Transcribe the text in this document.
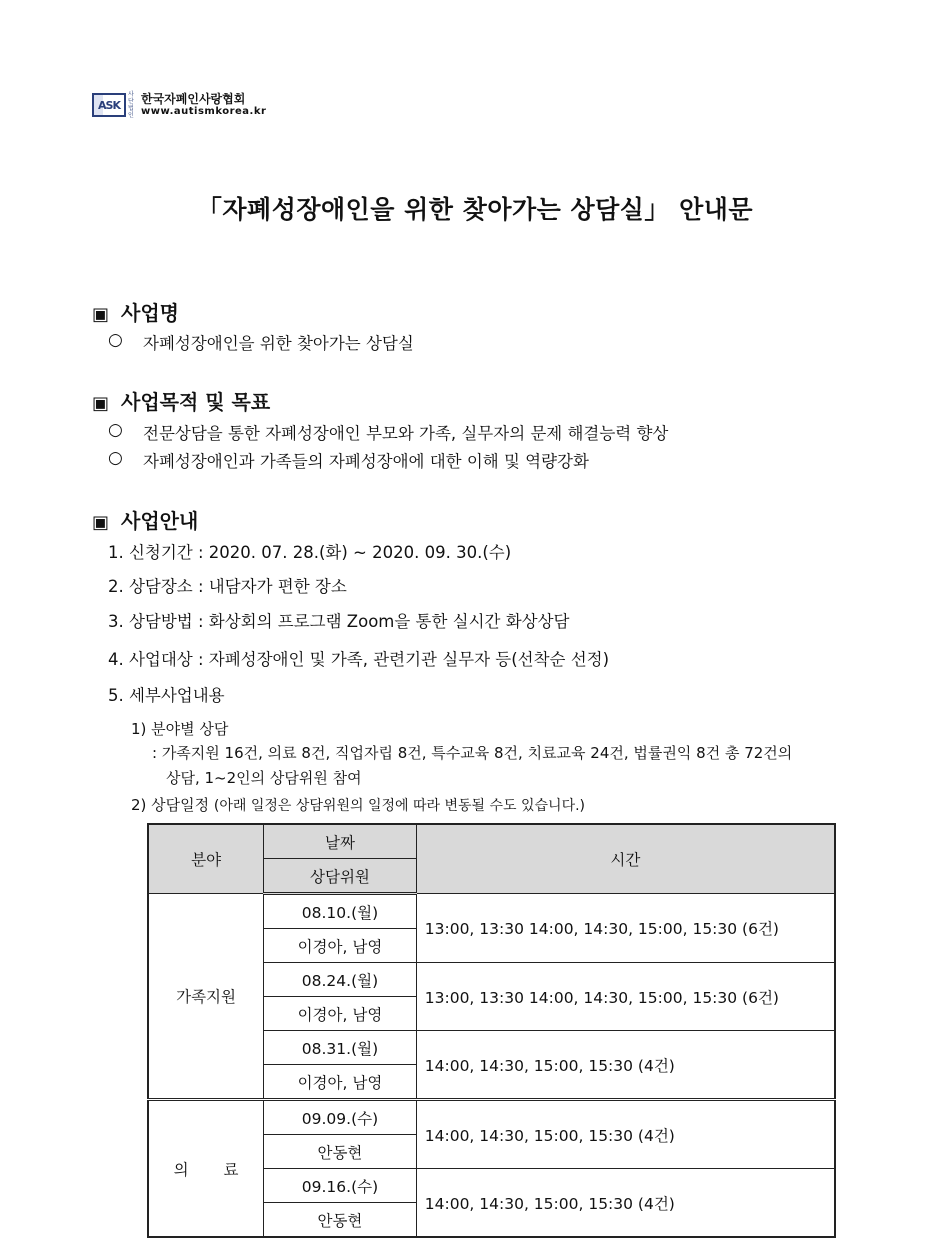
ASK
사단법인
한국자폐인사랑협회
www.autismkorea.kr
「자폐성장애인을 위한 찾아가는 상담실」 안내문
▣ 사업명
○ 자폐성장애인을 위한 찾아가는 상담실
▣ 사업목적 및 목표
○ 전문상담을 통한 자폐성장애인 부모와 가족, 실무자의 문제 해결능력 향상
○ 자폐성장애인과 가족들의 자폐성장애에 대한 이해 및 역량강화
▣ 사업안내
1. 신청기간 : 2020. 07. 28.(화) ~ 2020. 09. 30.(수)
2. 상담장소 : 내담자가 편한 장소
3. 상담방법 : 화상회의 프로그램 Zoom을 통한 실시간 화상상담
4. 사업대상 : 자폐성장애인 및 가족, 관련기관 실무자 등(선착순 선정)
5. 세부사업내용
1) 분야별 상담
: 가족지원 16건, 의료 8건, 직업자립 8건, 특수교육 8건, 치료교육 24건, 법률권익 8건 총 72건의
상담, 1~2인의 상담위원 참여
2) 상담일정 (아래 일정은 상담위원의 일정에 따라 변동될 수도 있습니다.)
분야	날짜	시간
	상담위원	
가족지원	08.10.(월)	13:00, 13:30 14:00, 14:30, 15:00, 15:30 (6건)
	이경아, 남영	
	08.24.(월)	13:00, 13:30 14:00, 14:30, 15:00, 15:30 (6건)
	이경아, 남영	
	08.31.(월)	14:00, 14:30, 15:00, 15:30 (4건)
	이경아, 남영	
의 료	09.09.(수)	14:00, 14:30, 15:00, 15:30 (4건)
	안동현	
	09.16.(수)	14:00, 14:30, 15:00, 15:30 (4건)
	안동현	
